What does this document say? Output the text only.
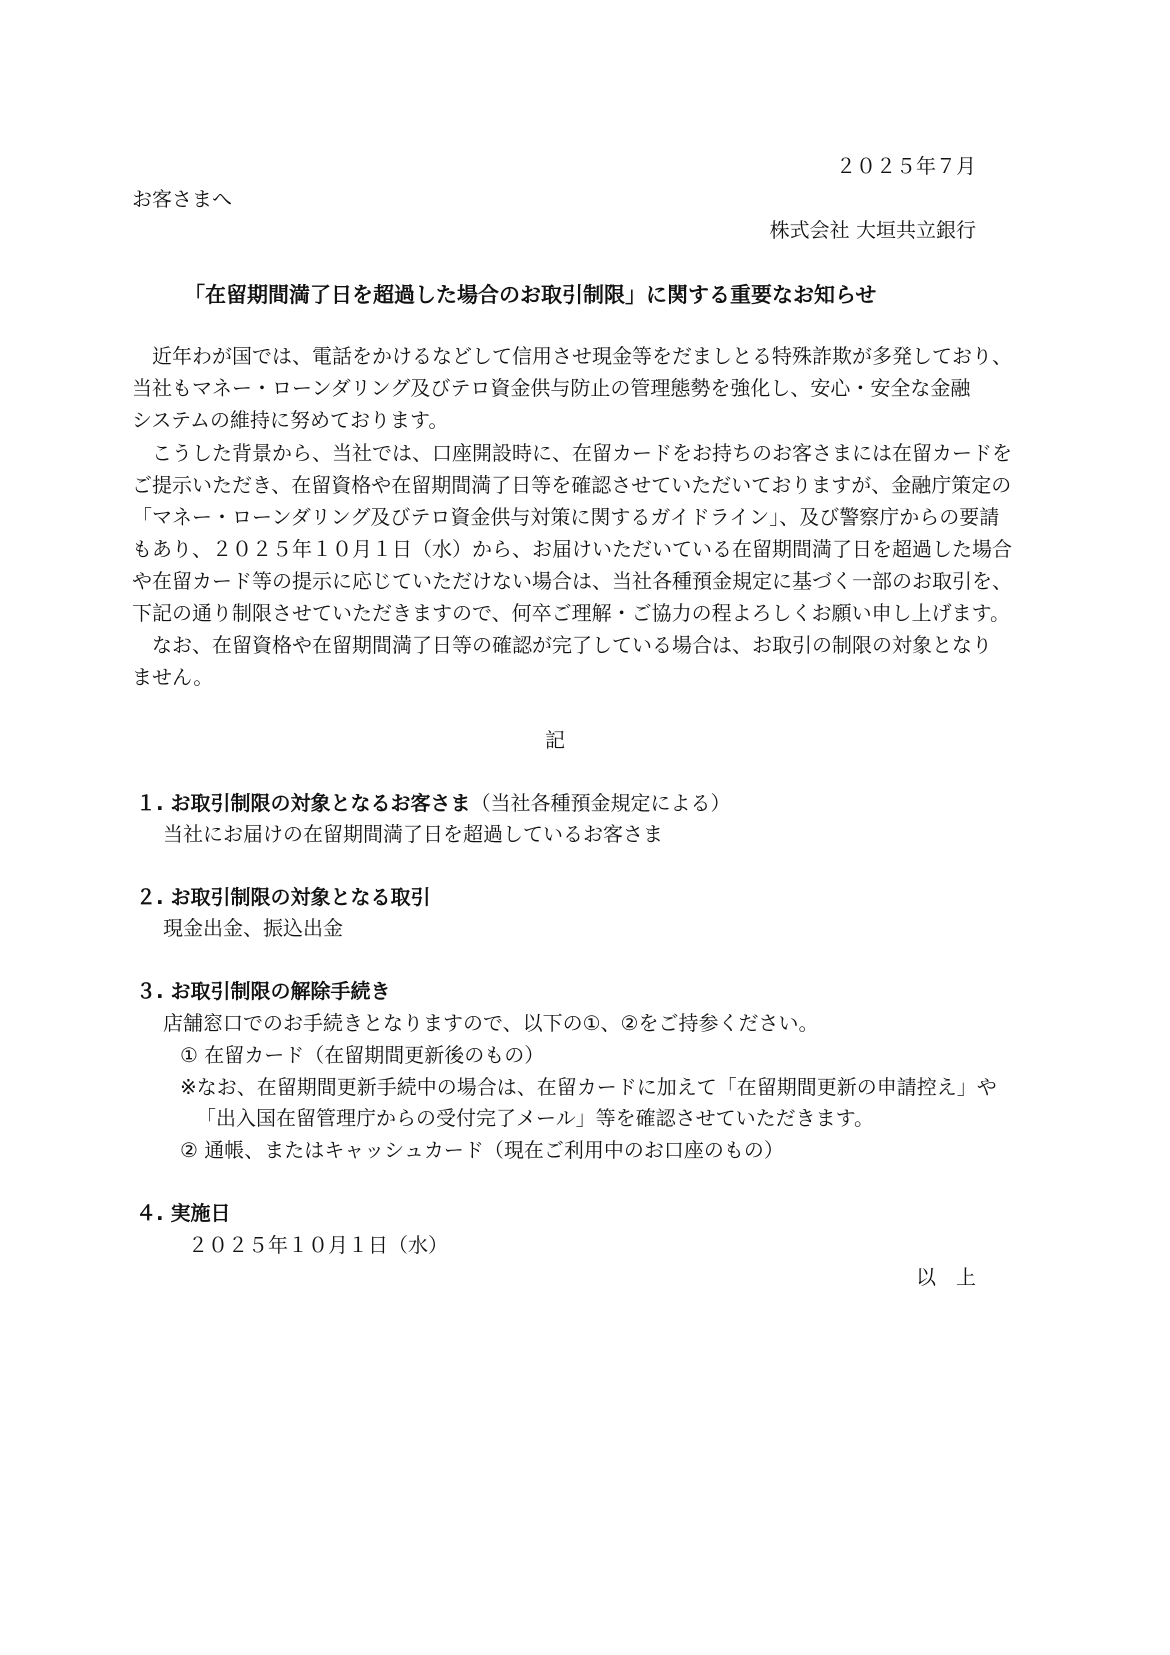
２０２５年７月
お客さまへ
株式会社 大垣共立銀行
「在留期間満了日を超過した場合のお取引制限」に関する重要なお知らせ
　近年わが国では、電話をかけるなどして信用させ現金等をだましとる特殊詐欺が多発しており、
当社もマネー・ローンダリング及びテロ資金供与防止の管理態勢を強化し、安心・安全な金融
システムの維持に努めております。
　こうした背景から、当社では、口座開設時に、在留カードをお持ちのお客さまには在留カードを
ご提示いただき、在留資格や在留期間満了日等を確認させていただいておりますが、金融庁策定の
「マネー・ローンダリング及びテロ資金供与対策に関するガイドライン」、及び警察庁からの要請
もあり、２０２５年１０月１日（水）から、お届けいただいている在留期間満了日を超過した場合
や在留カード等の提示に応じていただけない場合は、当社各種預金規定に基づく一部のお取引を、
下記の通り制限させていただきますので、何卒ご理解・ご協力の程よろしくお願い申し上げます。
　なお、在留資格や在留期間満了日等の確認が完了している場合は、お取引の制限の対象となり
ません。
記
１. お取引制限の対象となるお客さま（当社各種預金規定による）
当社にお届けの在留期間満了日を超過しているお客さま
２. お取引制限の対象となる取引
現金出金、振込出金
３. お取引制限の解除手続き
店舗窓口でのお手続きとなりますので、以下の①、②をご持参ください。
① 在留カード（在留期間更新後のもの）
※なお、在留期間更新手続中の場合は、在留カードに加えて「在留期間更新の申請控え」や
「出入国在留管理庁からの受付完了メール」等を確認させていただきます。
② 通帳、またはキャッシュカード（現在ご利用中のお口座のもの）
４. 実施日
２０２５年１０月１日（水）
以　上
